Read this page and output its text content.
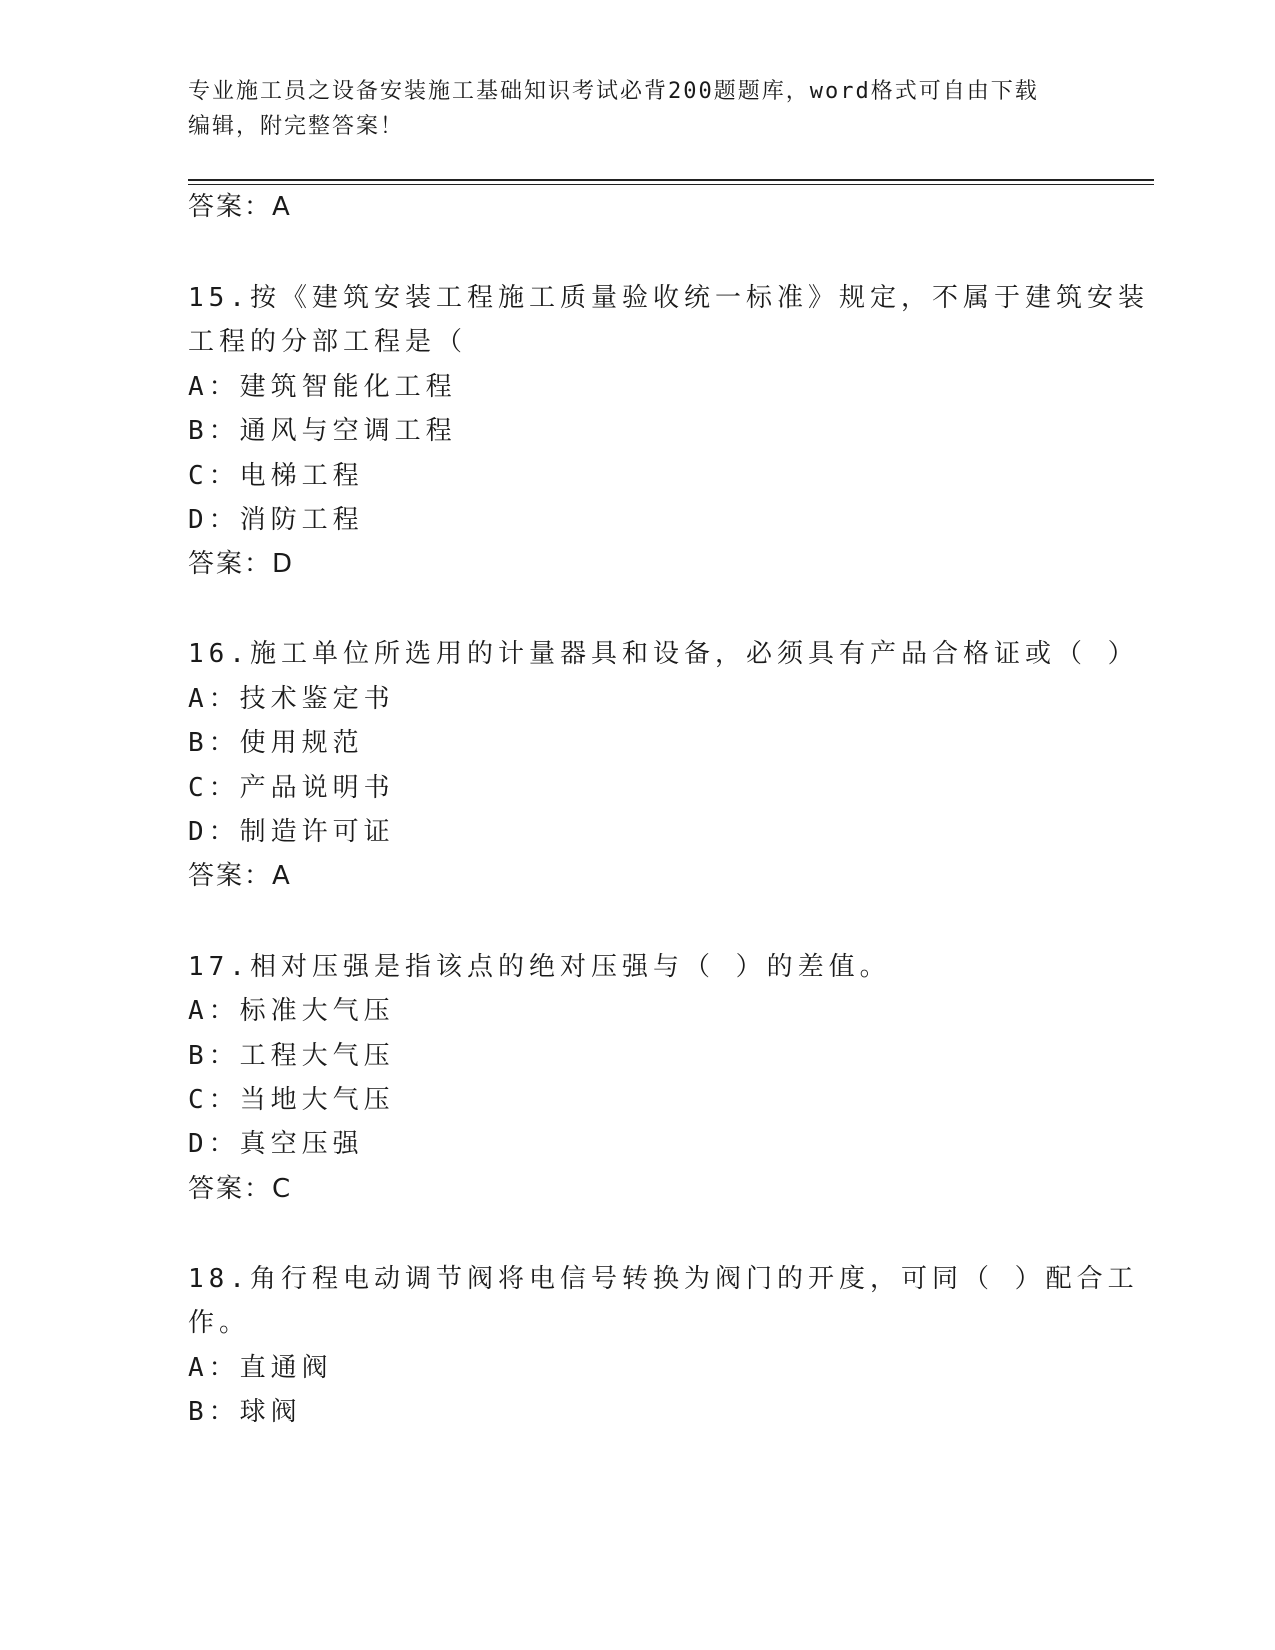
专业施工员之设备安装施工基础知识考试必背200题题库，word格式可自由下载
编辑，附完整答案！
答案：A
15.按《建筑安装工程施工质量验收统一标准》规定，不属于建筑安装
工程的分部工程是（
A：建筑智能化工程
B：通风与空调工程
C：电梯工程
D：消防工程
答案：D
16.施工单位所选用的计量器具和设备，必须具有产品合格证或（ ）
A：技术鉴定书
B：使用规范
C：产品说明书
D：制造许可证
答案：A
17.相对压强是指该点的绝对压强与（ ）的差值。
A：标准大气压
B：工程大气压
C：当地大气压
D：真空压强
答案：C
18.角行程电动调节阀将电信号转换为阀门的开度，可同（ ）配合工
作。
A：直通阀
B：球阀
